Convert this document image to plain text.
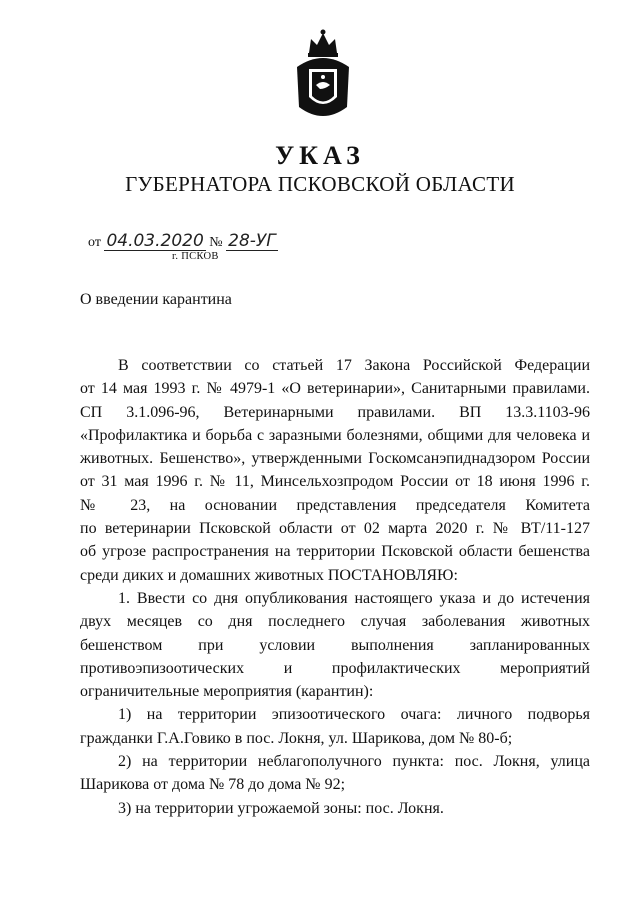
УКАЗ
ГУБЕРНАТОРА ПСКОВСКОЙ ОБЛАСТИ
от 04.03.2020 № 28-УГ
г. ПСКОВ
О введении карантина

В соответствии со статьей 17 Закона Российской Федерации

от 14 мая 1993 г. № 4979-1 «О ветеринарии», Санитарными правилами.

СП 3.1.096-96, Ветеринарными правилами. ВП 13.3.1103-96

«Профилактика и борьба с заразными болезнями, общими для человека и

животных. Бешенство», утвержденными Госкомсанэпиднадзором России

от 31 мая 1996 г. № 11, Минсельхозпродом России от 18 июня 1996 г.

№ 23, на основании представления председателя Комитета

по ветеринарии Псковской области от 02 марта 2020 г. № ВТ/11-127

об угрозе распространения на территории Псковской области бешенства

среди диких и домашних животных ПОСТАНОВЛЯЮ:

1. Ввести со дня опубликования настоящего указа и до истечения

двух месяцев со дня последнего случая заболевания животных

бешенством при условии выполнения запланированных

противоэпизоотических и профилактических мероприятий

ограничительные мероприятия (карантин):

1) на территории эпизоотического очага: личного подворья

гражданки Г.А.Говико в пос. Локня, ул. Шарикова, дом № 80-б;

2) на территории неблагополучного пункта: пос. Локня, улица

Шарикова от дома № 78 до дома № 92;

3) на территории угрожаемой зоны: пос. Локня.
